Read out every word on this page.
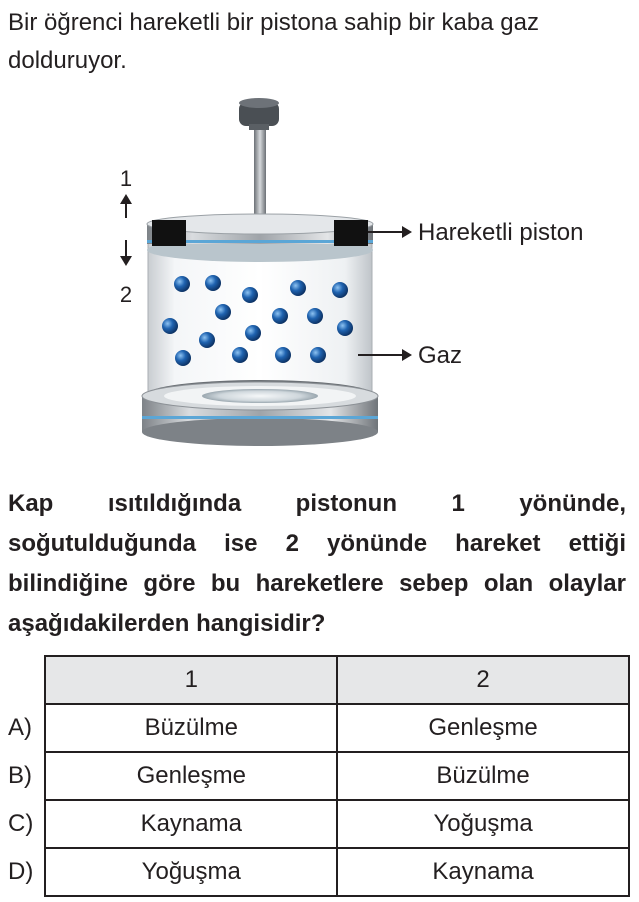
Bir öğrenci hareketli bir pistona sahip bir kaba gaz dolduruyor.

1
2
Hareketli piston
Gaz

Kap ısıtıldığında pistonun 1 yönünde, soğutulduğunda ise 2 yönünde hareket ettiği bilindiğine göre bu hareketlere sebep olan olaylar aşağıdakilerden hangisidir?

	1	2
A)	Büzülme	Genleşme
B)	Genleşme	Büzülme
C)	Kaynama	Yoğuşma
D)	Yoğuşma	Kaynama
